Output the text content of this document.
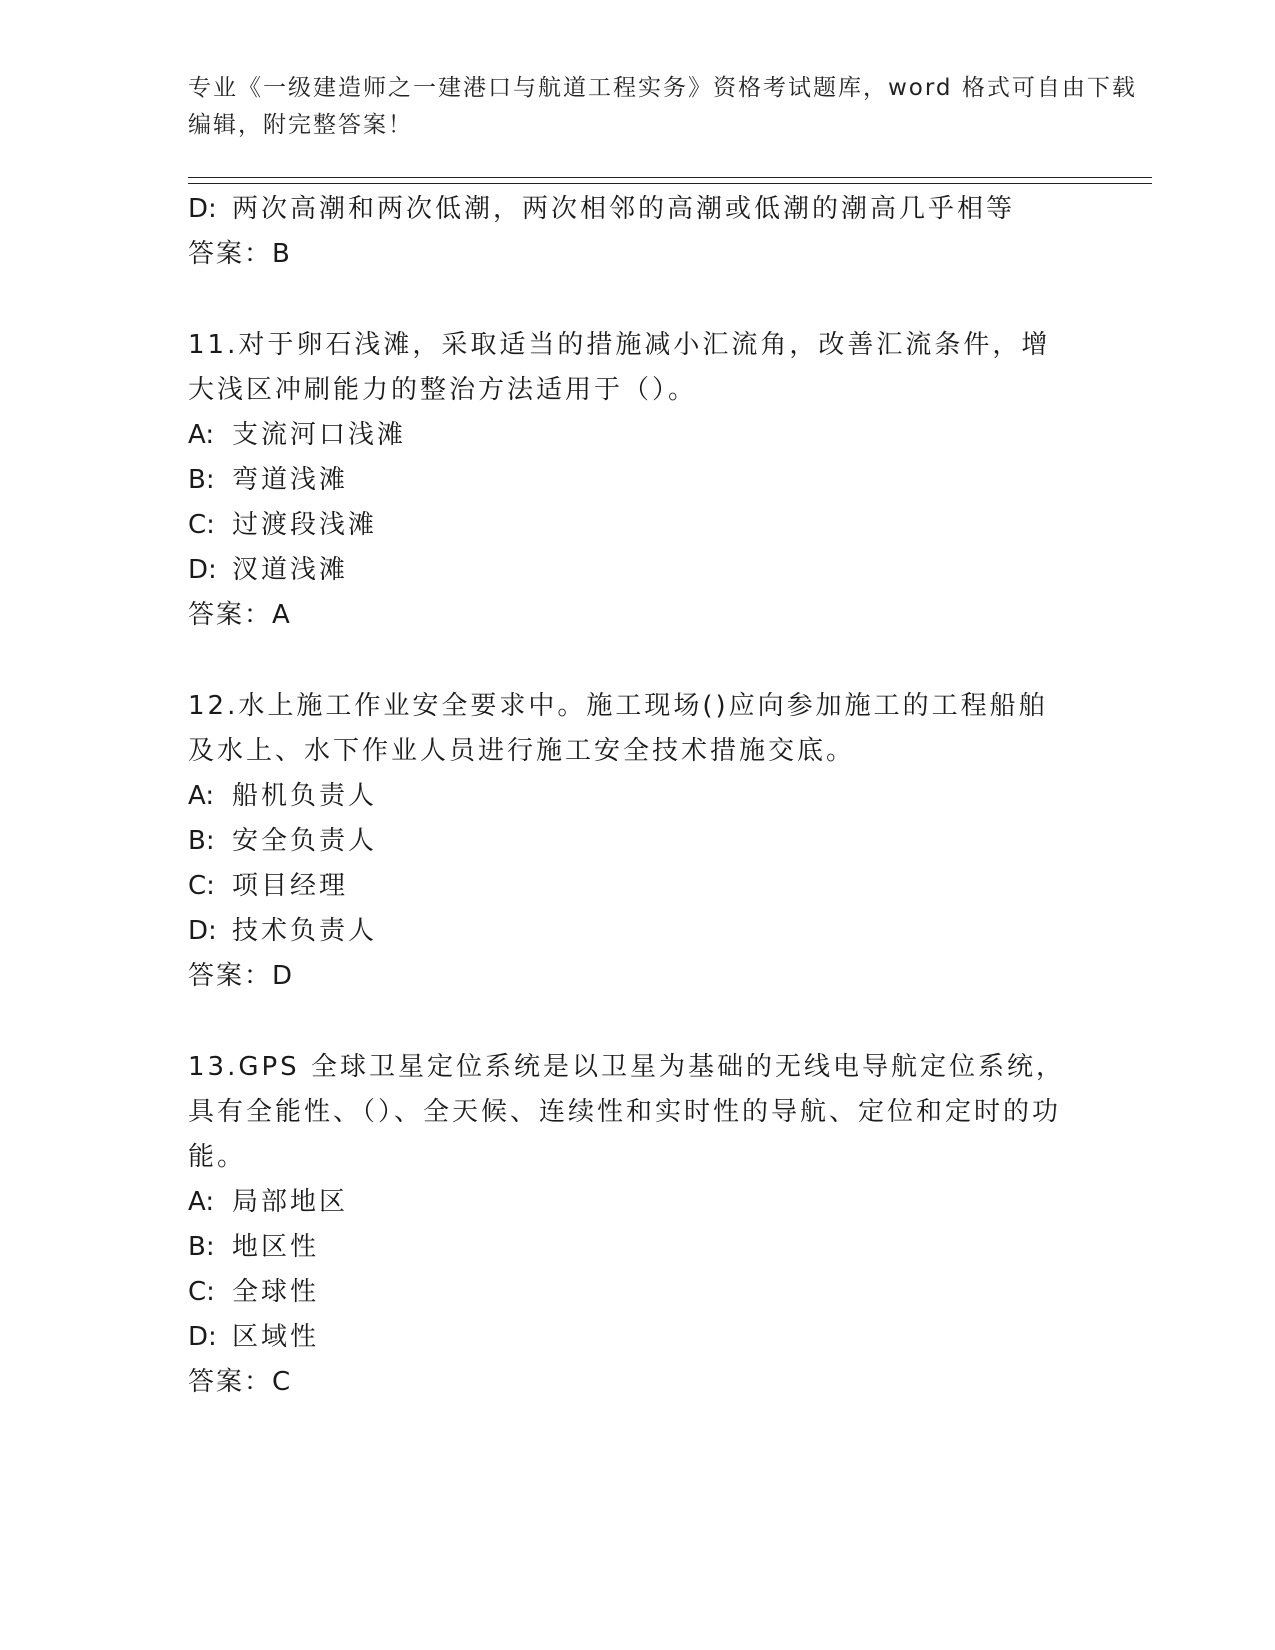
专业《一级建造师之一建港口与航道工程实务》资格考试题库，word 格式可自由下载编辑，附完整答案！
D: 两次高潮和两次低潮，两次相邻的高潮或低潮的潮高几乎相等
答案：B
11.对于卵石浅滩，采取适当的措施减小汇流角，改善汇流条件，增大浅区冲刷能力的整治方法适用于（）。
A: 支流河口浅滩
B: 弯道浅滩
C: 过渡段浅滩
D: 汊道浅滩
答案：A
12.水上施工作业安全要求中。施工现场()应向参加施工的工程船舶及水上、水下作业人员进行施工安全技术措施交底。
A: 船机负责人
B: 安全负责人
C: 项目经理
D: 技术负责人
答案：D
13.GPS 全球卫星定位系统是以卫星为基础的无线电导航定位系统，具有全能性、（）、全天候、连续性和实时性的导航、定位和定时的功能。
A: 局部地区
B: 地区性
C: 全球性
D: 区域性
答案：C
